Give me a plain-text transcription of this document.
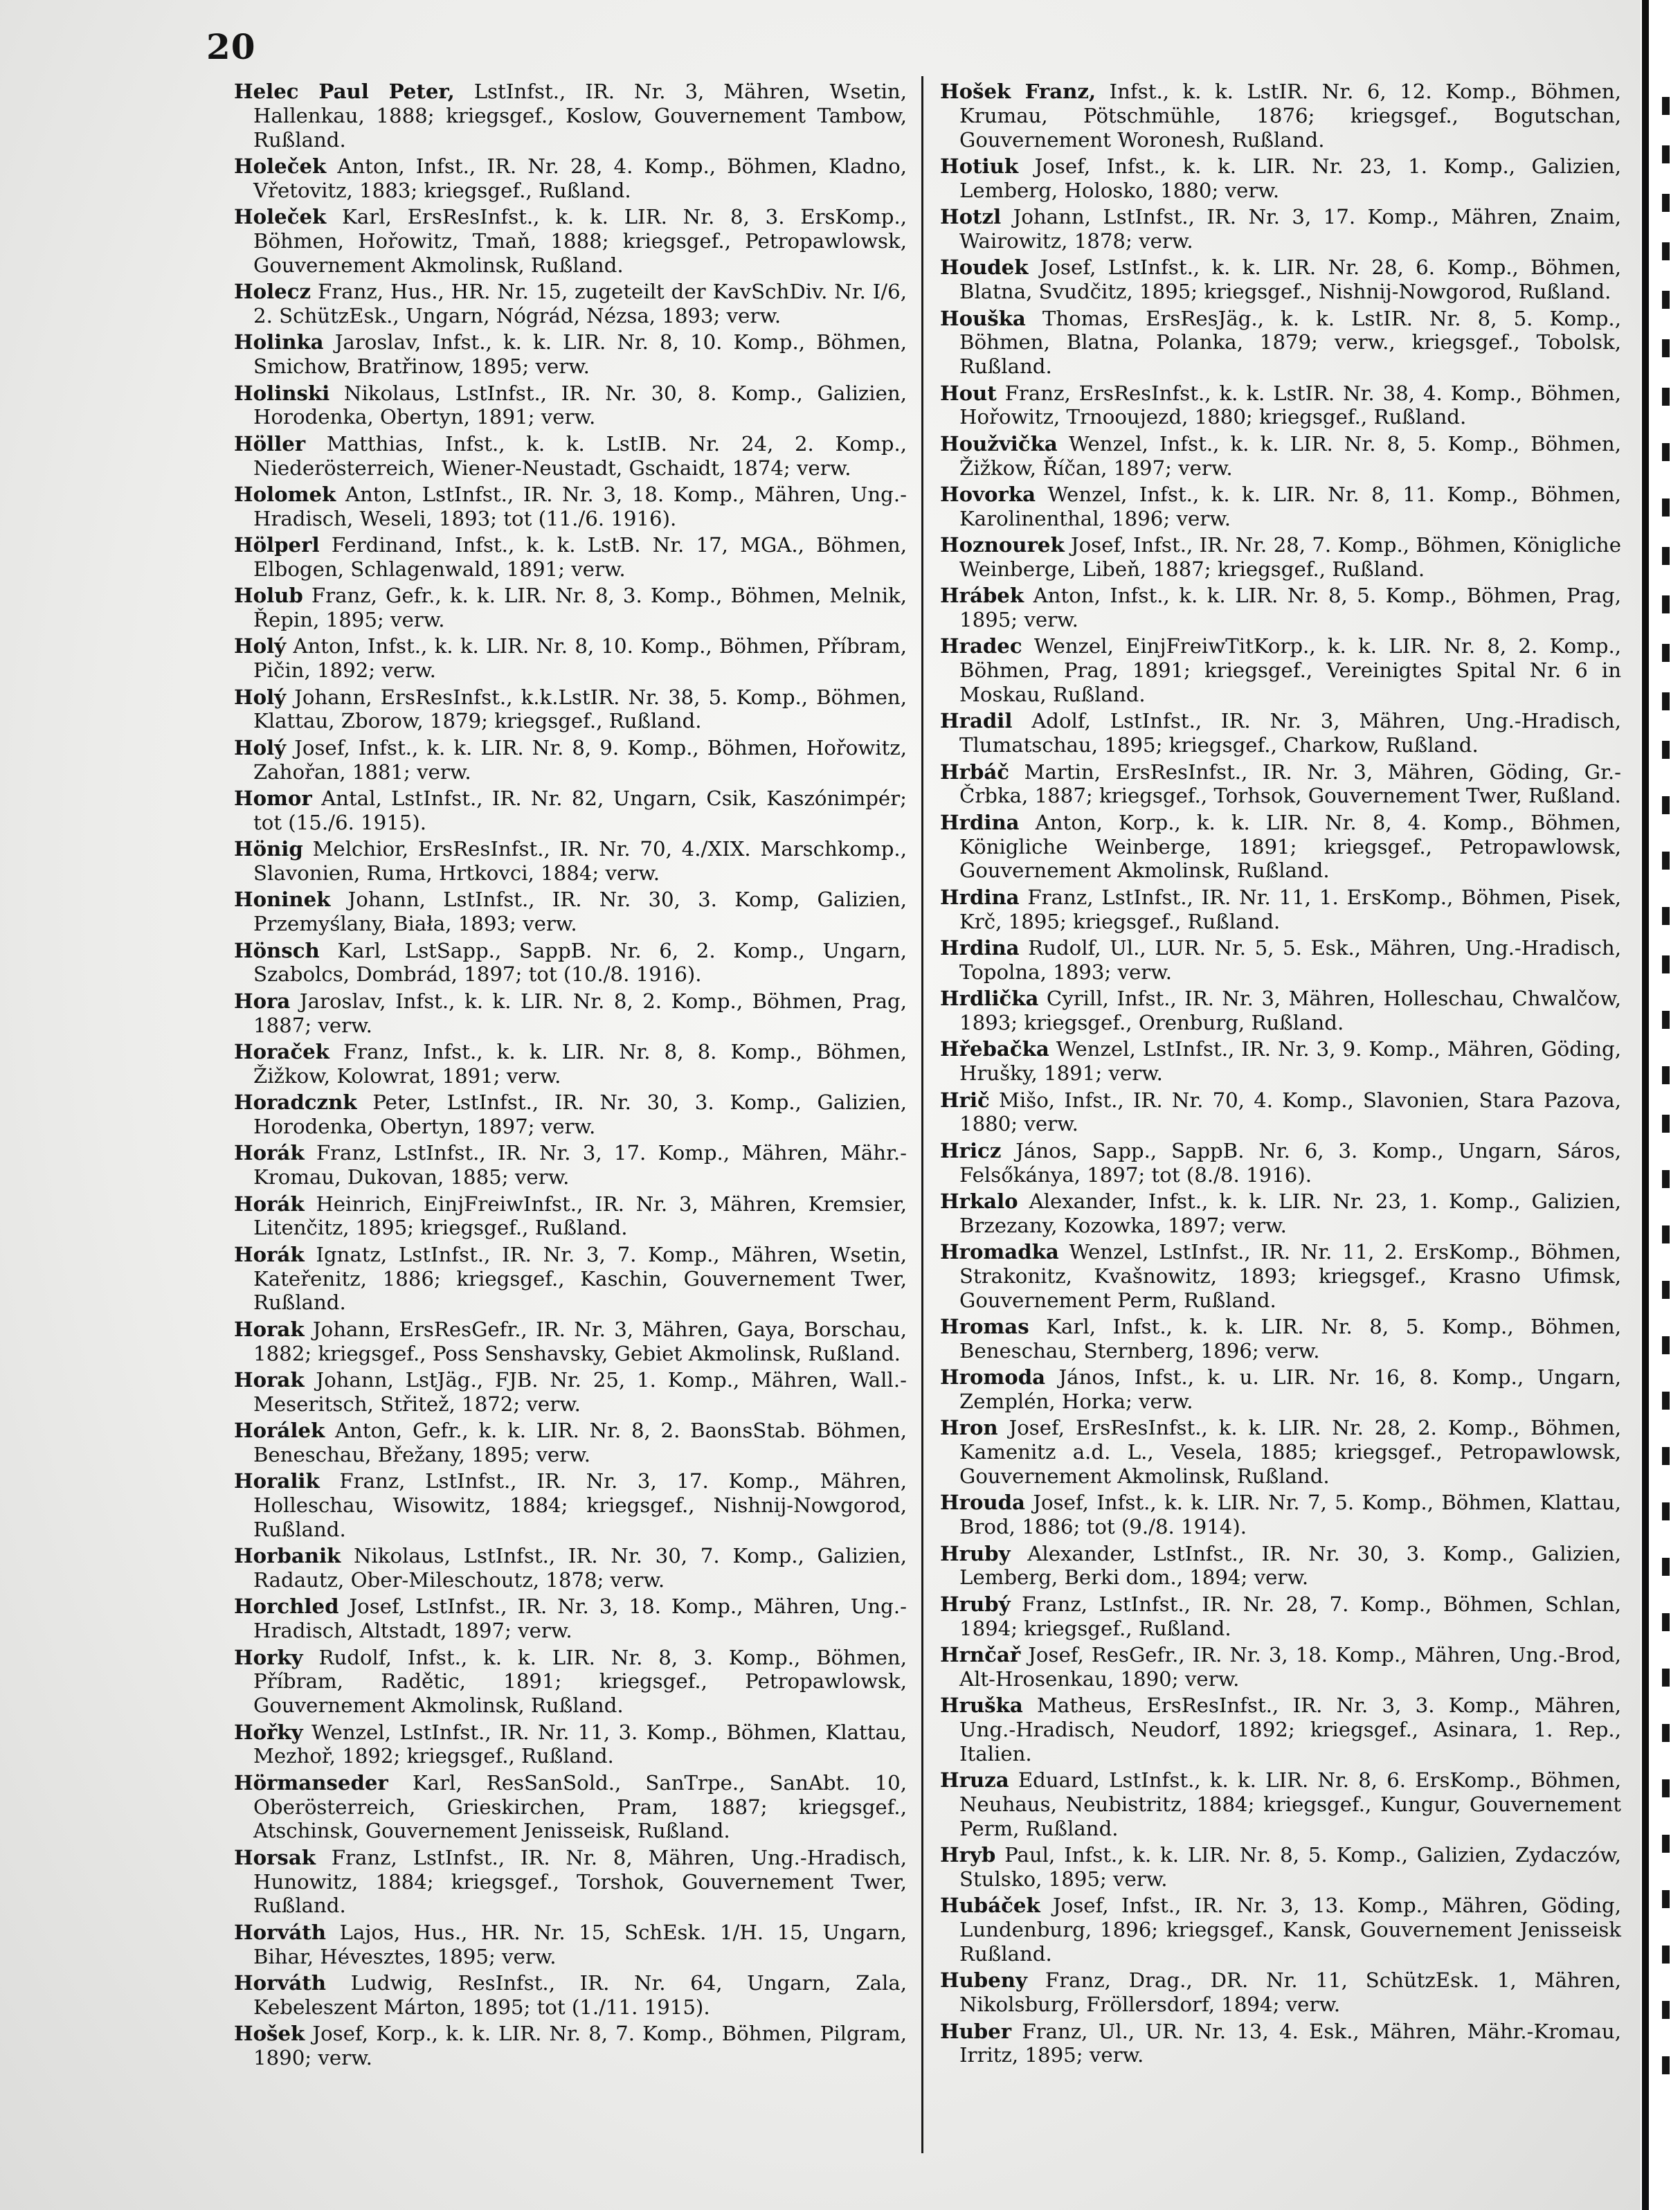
20

Helec Paul Peter, LstInfst., IR. Nr. 3, Mähren, Wsetin, Hallenkau, 1888; kriegsgef., Koslow, Gouvernement Tambow, Rußland.

Holeček Anton, Infst., IR. Nr. 28, 4. Komp., Böhmen, Kladno, Vřetovitz, 1883; kriegsgef., Rußland.

Holeček Karl, ErsResInfst., k. k. LIR. Nr. 8, 3. ErsKomp., Böhmen, Hořowitz, Tmaň, 1888; kriegsgef., Petropawlowsk, Gouvernement Akmolinsk, Rußland.

Holecz Franz, Hus., HR. Nr. 15, zugeteilt der KavSchDiv. Nr. I/6, 2. SchützEsk., Ungarn, Nógrád, Nézsa, 1893; verw.

Holinka Jaroslav, Infst., k. k. LIR. Nr. 8, 10. Komp., Böhmen, Smichow, Bratřinow, 1895; verw.

Holinski Nikolaus, LstInfst., IR. Nr. 30, 8. Komp., Galizien, Horodenka, Obertyn, 1891; verw.

Höller Matthias, Infst., k. k. LstIB. Nr. 24, 2. Komp., Niederösterreich, Wiener-Neustadt, Gschaidt, 1874; verw.

Holomek Anton, LstInfst., IR. Nr. 3, 18. Komp., Mähren, Ung.-Hradisch, Weseli, 1893; tot (11./6. 1916).

Hölperl Ferdinand, Infst., k. k. LstB. Nr. 17, MGA., Böhmen, Elbogen, Schlagenwald, 1891; verw.

Holub Franz, Gefr., k. k. LIR. Nr. 8, 3. Komp., Böhmen, Melnik, Řepin, 1895; verw.

Holý Anton, Infst., k. k. LIR. Nr. 8, 10. Komp., Böhmen, Příbram, Pičin, 1892; verw.

Holý Johann, ErsResInfst., k.k.LstIR. Nr. 38, 5. Komp., Böhmen, Klattau, Zborow, 1879; kriegsgef., Rußland.

Holý Josef, Infst., k. k. LIR. Nr. 8, 9. Komp., Böhmen, Hořowitz, Zahořan, 1881; verw.

Homor Antal, LstInfst., IR. Nr. 82, Ungarn, Csik, Kaszónimpér; tot (15./6. 1915).

Hönig Melchior, ErsResInfst., IR. Nr. 70, 4./XIX. Marschkomp., Slavonien, Ruma, Hrtkovci, 1884; verw.

Honinek Johann, LstInfst., IR. Nr. 30, 3. Komp, Galizien, Przemyślany, Biała, 1893; verw.

Hönsch Karl, LstSapp., SappB. Nr. 6, 2. Komp., Ungarn, Szabolcs, Dombrád, 1897; tot (10./8. 1916).

Hora Jaroslav, Infst., k. k. LIR. Nr. 8, 2. Komp., Böhmen, Prag, 1887; verw.

Horaček Franz, Infst., k. k. LIR. Nr. 8, 8. Komp., Böhmen, Žižkow, Kolowrat, 1891; verw.

Horadcznk Peter, LstInfst., IR. Nr. 30, 3. Komp., Galizien, Horodenka, Obertyn, 1897; verw.

Horák Franz, LstInfst., IR. Nr. 3, 17. Komp., Mähren, Mähr.-Kromau, Dukovan, 1885; verw.

Horák Heinrich, EinjFreiwInfst., IR. Nr. 3, Mähren, Kremsier, Litenčitz, 1895; kriegsgef., Rußland.

Horák Ignatz, LstInfst., IR. Nr. 3, 7. Komp., Mähren, Wsetin, Kateřenitz, 1886; kriegsgef., Kaschin, Gouvernement Twer, Rußland.

Horak Johann, ErsResGefr., IR. Nr. 3, Mähren, Gaya, Borschau, 1882; kriegsgef., Poss Senshavsky, Gebiet Akmolinsk, Rußland.

Horak Johann, LstJäg., FJB. Nr. 25, 1. Komp., Mähren, Wall.-Meseritsch, Střitež, 1872; verw.

Horálek Anton, Gefr., k. k. LIR. Nr. 8, 2. BaonsStab. Böhmen, Beneschau, Břežany, 1895; verw.

Horalik Franz, LstInfst., IR. Nr. 3, 17. Komp., Mähren, Holleschau, Wisowitz, 1884; kriegsgef., Nishnij-Nowgorod, Rußland.

Horbanik Nikolaus, LstInfst., IR. Nr. 30, 7. Komp., Galizien, Radautz, Ober-Mileschoutz, 1878; verw.

Horchled Josef, LstInfst., IR. Nr. 3, 18. Komp., Mähren, Ung.-Hradisch, Altstadt, 1897; verw.

Horky Rudolf, Infst., k. k. LIR. Nr. 8, 3. Komp., Böhmen, Příbram, Radětic, 1891; kriegsgef., Petropawlowsk, Gouvernement Akmolinsk, Rußland.

Hořky Wenzel, LstInfst., IR. Nr. 11, 3. Komp., Böhmen, Klattau, Mezhoř, 1892; kriegsgef., Rußland.

Hörmanseder Karl, ResSanSold., SanTrpe., SanAbt. 10, Oberösterreich, Grieskirchen, Pram, 1887; kriegsgef., Atschinsk, Gouvernement Jenisseisk, Rußland.

Horsak Franz, LstInfst., IR. Nr. 8, Mähren, Ung.-Hradisch, Hunowitz, 1884; kriegsgef., Torshok, Gouvernement Twer, Rußland.

Horváth Lajos, Hus., HR. Nr. 15, SchEsk. 1/H. 15, Ungarn, Bihar, Hévesztes, 1895; verw.

Horváth Ludwig, ResInfst., IR. Nr. 64, Ungarn, Zala, Kebeleszent Márton, 1895; tot (1./11. 1915).

Hošek Josef, Korp., k. k. LIR. Nr. 8, 7. Komp., Böhmen, Pilgram, 1890; verw.

Hošek Franz, Infst., k. k. LstIR. Nr. 6, 12. Komp., Böhmen, Krumau, Pötschmühle, 1876; kriegsgef., Bogutschan, Gouvernement Woronesh, Rußland.

Hotiuk Josef, Infst., k. k. LIR. Nr. 23, 1. Komp., Galizien, Lemberg, Holosko, 1880; verw.

Hotzl Johann, LstInfst., IR. Nr. 3, 17. Komp., Mähren, Znaim, Wairowitz, 1878; verw.

Houdek Josef, LstInfst., k. k. LIR. Nr. 28, 6. Komp., Böhmen, Blatna, Svudčitz, 1895; kriegsgef., Nishnij-Nowgorod, Rußland.

Houška Thomas, ErsResJäg., k. k. LstIR. Nr. 8, 5. Komp., Böhmen, Blatna, Polanka, 1879; verw., kriegsgef., Tobolsk, Rußland.

Hout Franz, ErsResInfst., k. k. LstIR. Nr. 38, 4. Komp., Böhmen, Hořowitz, Trnooujezd, 1880; kriegsgef., Rußland.

Houžvička Wenzel, Infst., k. k. LIR. Nr. 8, 5. Komp., Böhmen, Žižkow, Říčan, 1897; verw.

Hovorka Wenzel, Infst., k. k. LIR. Nr. 8, 11. Komp., Böhmen, Karolinenthal, 1896; verw.

Hoznourek Josef, Infst., IR. Nr. 28, 7. Komp., Böhmen, Königliche Weinberge, Libeň, 1887; kriegsgef., Rußland.

Hrábek Anton, Infst., k. k. LIR. Nr. 8, 5. Komp., Böhmen, Prag, 1895; verw.

Hradec Wenzel, EinjFreiwTitKorp., k. k. LIR. Nr. 8, 2. Komp., Böhmen, Prag, 1891; kriegsgef., Vereinigtes Spital Nr. 6 in Moskau, Rußland.

Hradil Adolf, LstInfst., IR. Nr. 3, Mähren, Ung.-Hradisch, Tlumatschau, 1895; kriegsgef., Charkow, Rußland.

Hrbáč Martin, ErsResInfst., IR. Nr. 3, Mähren, Göding, Gr.-Črbka, 1887; kriegsgef., Torhsok, Gouvernement Twer, Rußland.

Hrdina Anton, Korp., k. k. LIR. Nr. 8, 4. Komp., Böhmen, Königliche Weinberge, 1891; kriegsgef., Petropawlowsk, Gouvernement Akmolinsk, Rußland.

Hrdina Franz, LstInfst., IR. Nr. 11, 1. ErsKomp., Böhmen, Pisek, Krč, 1895; kriegsgef., Rußland.

Hrdina Rudolf, Ul., LUR. Nr. 5, 5. Esk., Mähren, Ung.-Hradisch, Topolna, 1893; verw.

Hrdlička Cyrill, Infst., IR. Nr. 3, Mähren, Holleschau, Chwalčow, 1893; kriegsgef., Orenburg, Rußland.

Hřebačka Wenzel, LstInfst., IR. Nr. 3, 9. Komp., Mähren, Göding, Hrušky, 1891; verw.

Hrič Mišo, Infst., IR. Nr. 70, 4. Komp., Slavonien, Stara Pazova, 1880; verw.

Hricz János, Sapp., SappB. Nr. 6, 3. Komp., Ungarn, Sáros, Felsőkánya, 1897; tot (8./8. 1916).

Hrkalo Alexander, Infst., k. k. LIR. Nr. 23, 1. Komp., Galizien, Brzezany, Kozowka, 1897; verw.

Hromadka Wenzel, LstInfst., IR. Nr. 11, 2. ErsKomp., Böhmen, Strakonitz, Kvašnowitz, 1893; kriegsgef., Krasno Ufimsk, Gouvernement Perm, Rußland.

Hromas Karl, Infst., k. k. LIR. Nr. 8, 5. Komp., Böhmen, Beneschau, Sternberg, 1896; verw.

Hromoda János, Infst., k. u. LIR. Nr. 16, 8. Komp., Ungarn, Zemplén, Horka; verw.

Hron Josef, ErsResInfst., k. k. LIR. Nr. 28, 2. Komp., Böhmen, Kamenitz a.d. L., Vesela, 1885; kriegsgef., Petropawlowsk, Gouvernement Akmolinsk, Rußland.

Hrouda Josef, Infst., k. k. LIR. Nr. 7, 5. Komp., Böhmen, Klattau, Brod, 1886; tot (9./8. 1914).

Hruby Alexander, LstInfst., IR. Nr. 30, 3. Komp., Galizien, Lemberg, Berki dom., 1894; verw.

Hrubý Franz, LstInfst., IR. Nr. 28, 7. Komp., Böhmen, Schlan, 1894; kriegsgef., Rußland.

Hrnčař Josef, ResGefr., IR. Nr. 3, 18. Komp., Mähren, Ung.-Brod, Alt-Hrosenkau, 1890; verw.

Hruška Matheus, ErsResInfst., IR. Nr. 3, 3. Komp., Mähren, Ung.-Hradisch, Neudorf, 1892; kriegsgef., Asinara, 1. Rep., Italien.

Hruza Eduard, LstInfst., k. k. LIR. Nr. 8, 6. ErsKomp., Böhmen, Neuhaus, Neubistritz, 1884; kriegsgef., Kungur, Gouvernement Perm, Rußland.

Hryb Paul, Infst., k. k. LIR. Nr. 8, 5. Komp., Galizien, Zydaczów, Stulsko, 1895; verw.

Hubáček Josef, Infst., IR. Nr. 3, 13. Komp., Mähren, Göding, Lundenburg, 1896; kriegsgef., Kansk, Gouvernement Jenisseisk Rußland.

Hubeny Franz, Drag., DR. Nr. 11, SchützEsk. 1, Mähren, Nikolsburg, Fröllersdorf, 1894; verw.

Huber Franz, Ul., UR. Nr. 13, 4. Esk., Mähren, Mähr.-Kromau, Irritz, 1895; verw.
